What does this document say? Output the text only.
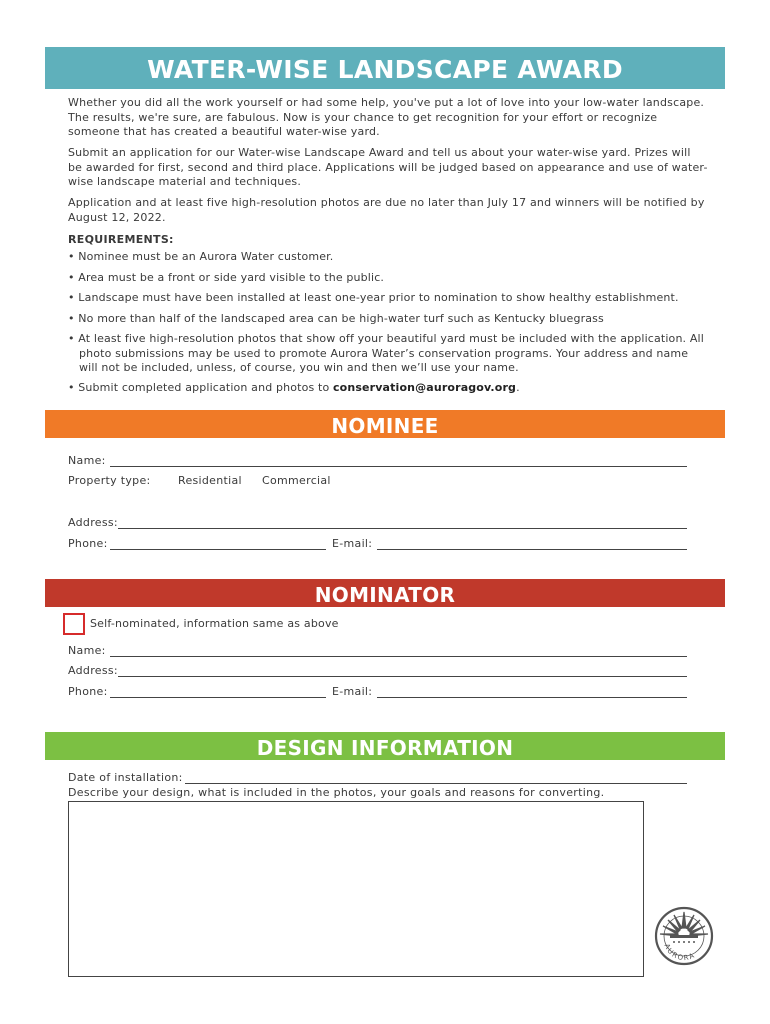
WATER-WISE LANDSCAPE AWARD
Whether you did all the work yourself or had some help, you've put a lot of love into your low-water landscape. The results, we're sure, are fabulous. Now is your chance to get recognition for your effort or recognize someone that has created a beautiful water-wise yard.
Submit an application for our Water-wise Landscape Award and tell us about your water-wise yard. Prizes will be awarded for first, second and third place. Applications will be judged based on appearance and use of water-wise landscape material and techniques.
Application and at least five high-resolution photos are due no later than July 17 and winners will be notified by August 12, 2022.
REQUIREMENTS:
• Nominee must be an Aurora Water customer.
• Area must be a front or side yard visible to the public.
• Landscape must have been installed at least one-year prior to nomination to show healthy establishment.
• No more than half of the landscaped area can be high-water turf such as Kentucky bluegrass
• At least five high-resolution photos that show off your beautiful yard must be included with the application. All photo submissions may be used to promote Aurora Water’s conservation programs. Your address and name will not be included, unless, of course, you win and then we’ll use your name.
• Submit completed application and photos to conservation@auroragov.org.
NOMINEE
Name:
Property type: Residential Commercial
Address:
Phone:	E-mail:
NOMINATOR
Self-nominated, information same as above
Name:
Address:
Phone:	E-mail:
DESIGN INFORMATION
Date of installation:
Describe your design, what is included in the photos, your goals and reasons for converting.
AURORA
